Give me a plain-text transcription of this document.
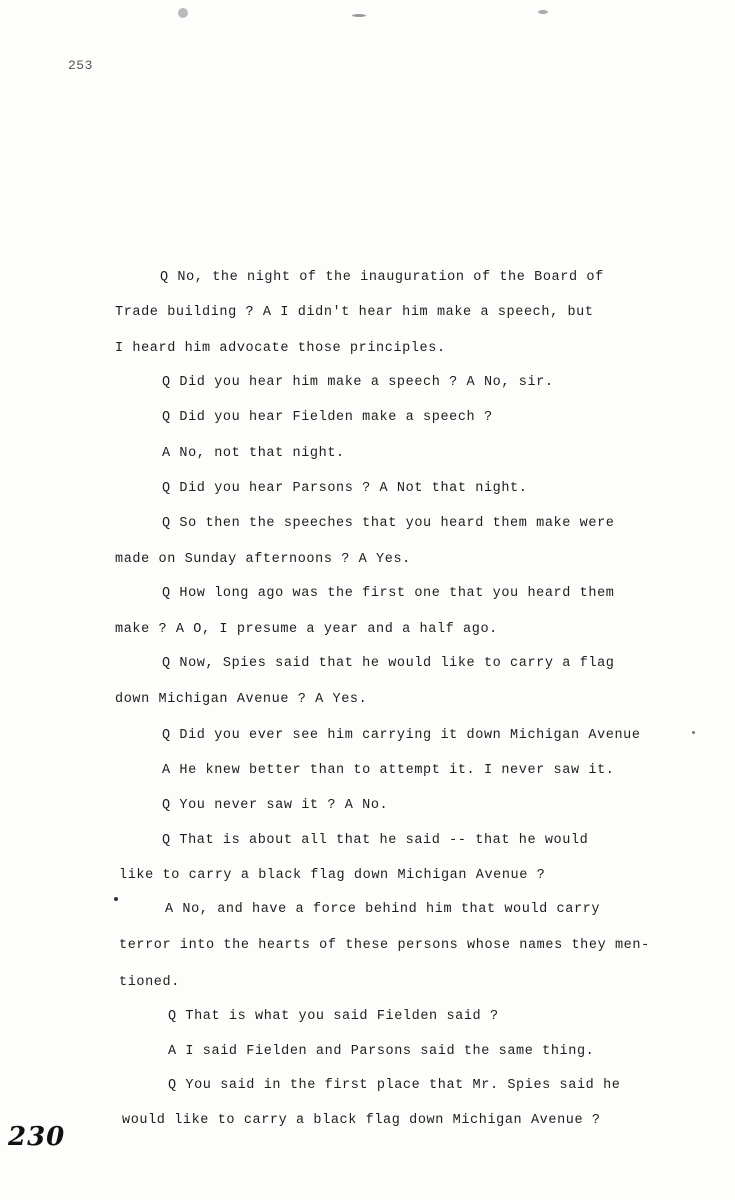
253
Q No, the night of the inauguration of the Board of
Trade building ? A I didn't hear him make a speech, but
I heard him advocate those principles.
Q Did you hear him make a speech ? A No, sir.
Q Did you hear Fielden make a speech ?
A No, not that night.
Q Did you hear Parsons ? A Not that night.
Q So then the speeches that you heard them make were
made on Sunday afternoons ? A Yes.
Q How long ago was the first one that you heard them
make ? A O, I presume a year and a half ago.
Q Now, Spies said that he would like to carry a flag
down Michigan Avenue ? A Yes.
Q Did you ever see him carrying it down Michigan Avenue
A He knew better than to attempt it. I never saw it.
Q You never saw it ? A No.
Q That is about all that he said -- that he would
like to carry a black flag down Michigan Avenue ?
A No, and have a force behind him that would carry
terror into the hearts of these persons whose names they men-
tioned.
Q That is what you said Fielden said ?
A I said Fielden and Parsons said the same thing.
Q You said in the first place that Mr. Spies said he
would like to carry a black flag down Michigan Avenue ?
230
